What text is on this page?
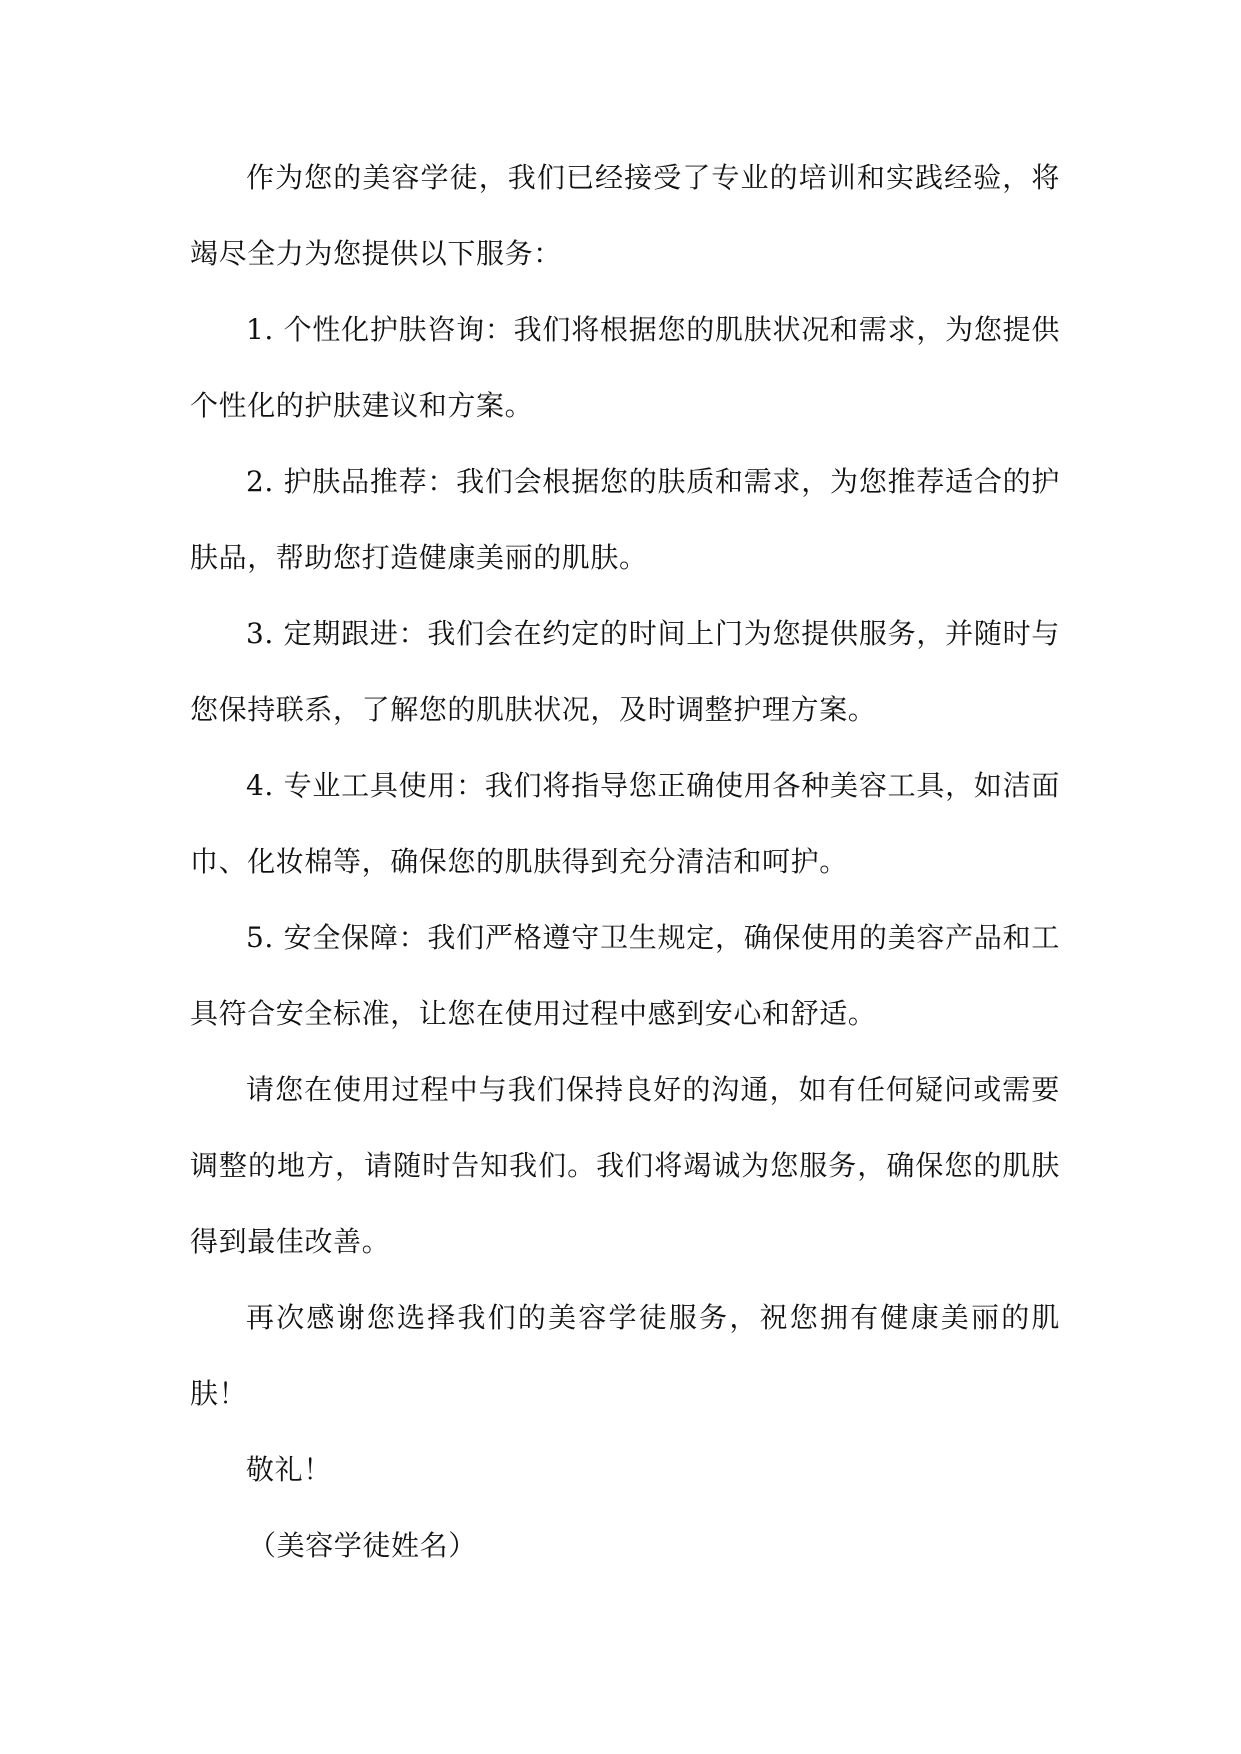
作为您的美容学徒，我们已经接受了专业的培训和实践经验，将竭尽全力为您提供以下服务：

1. 个性化护肤咨询：我们将根据您的肌肤状况和需求，为您提供个性化的护肤建议和方案。

2. 护肤品推荐：我们会根据您的肤质和需求，为您推荐适合的护肤品，帮助您打造健康美丽的肌肤。

3. 定期跟进：我们会在约定的时间上门为您提供服务，并随时与您保持联系，了解您的肌肤状况，及时调整护理方案。

4. 专业工具使用：我们将指导您正确使用各种美容工具，如洁面巾、化妆棉等，确保您的肌肤得到充分清洁和呵护。

5. 安全保障：我们严格遵守卫生规定，确保使用的美容产品和工具符合安全标准，让您在使用过程中感到安心和舒适。

请您在使用过程中与我们保持良好的沟通，如有任何疑问或需要调整的地方，请随时告知我们。我们将竭诚为您服务，确保您的肌肤得到最佳改善。

再次感谢您选择我们的美容学徒服务，祝您拥有健康美丽的肌肤！

敬礼！

（美容学徒姓名）
